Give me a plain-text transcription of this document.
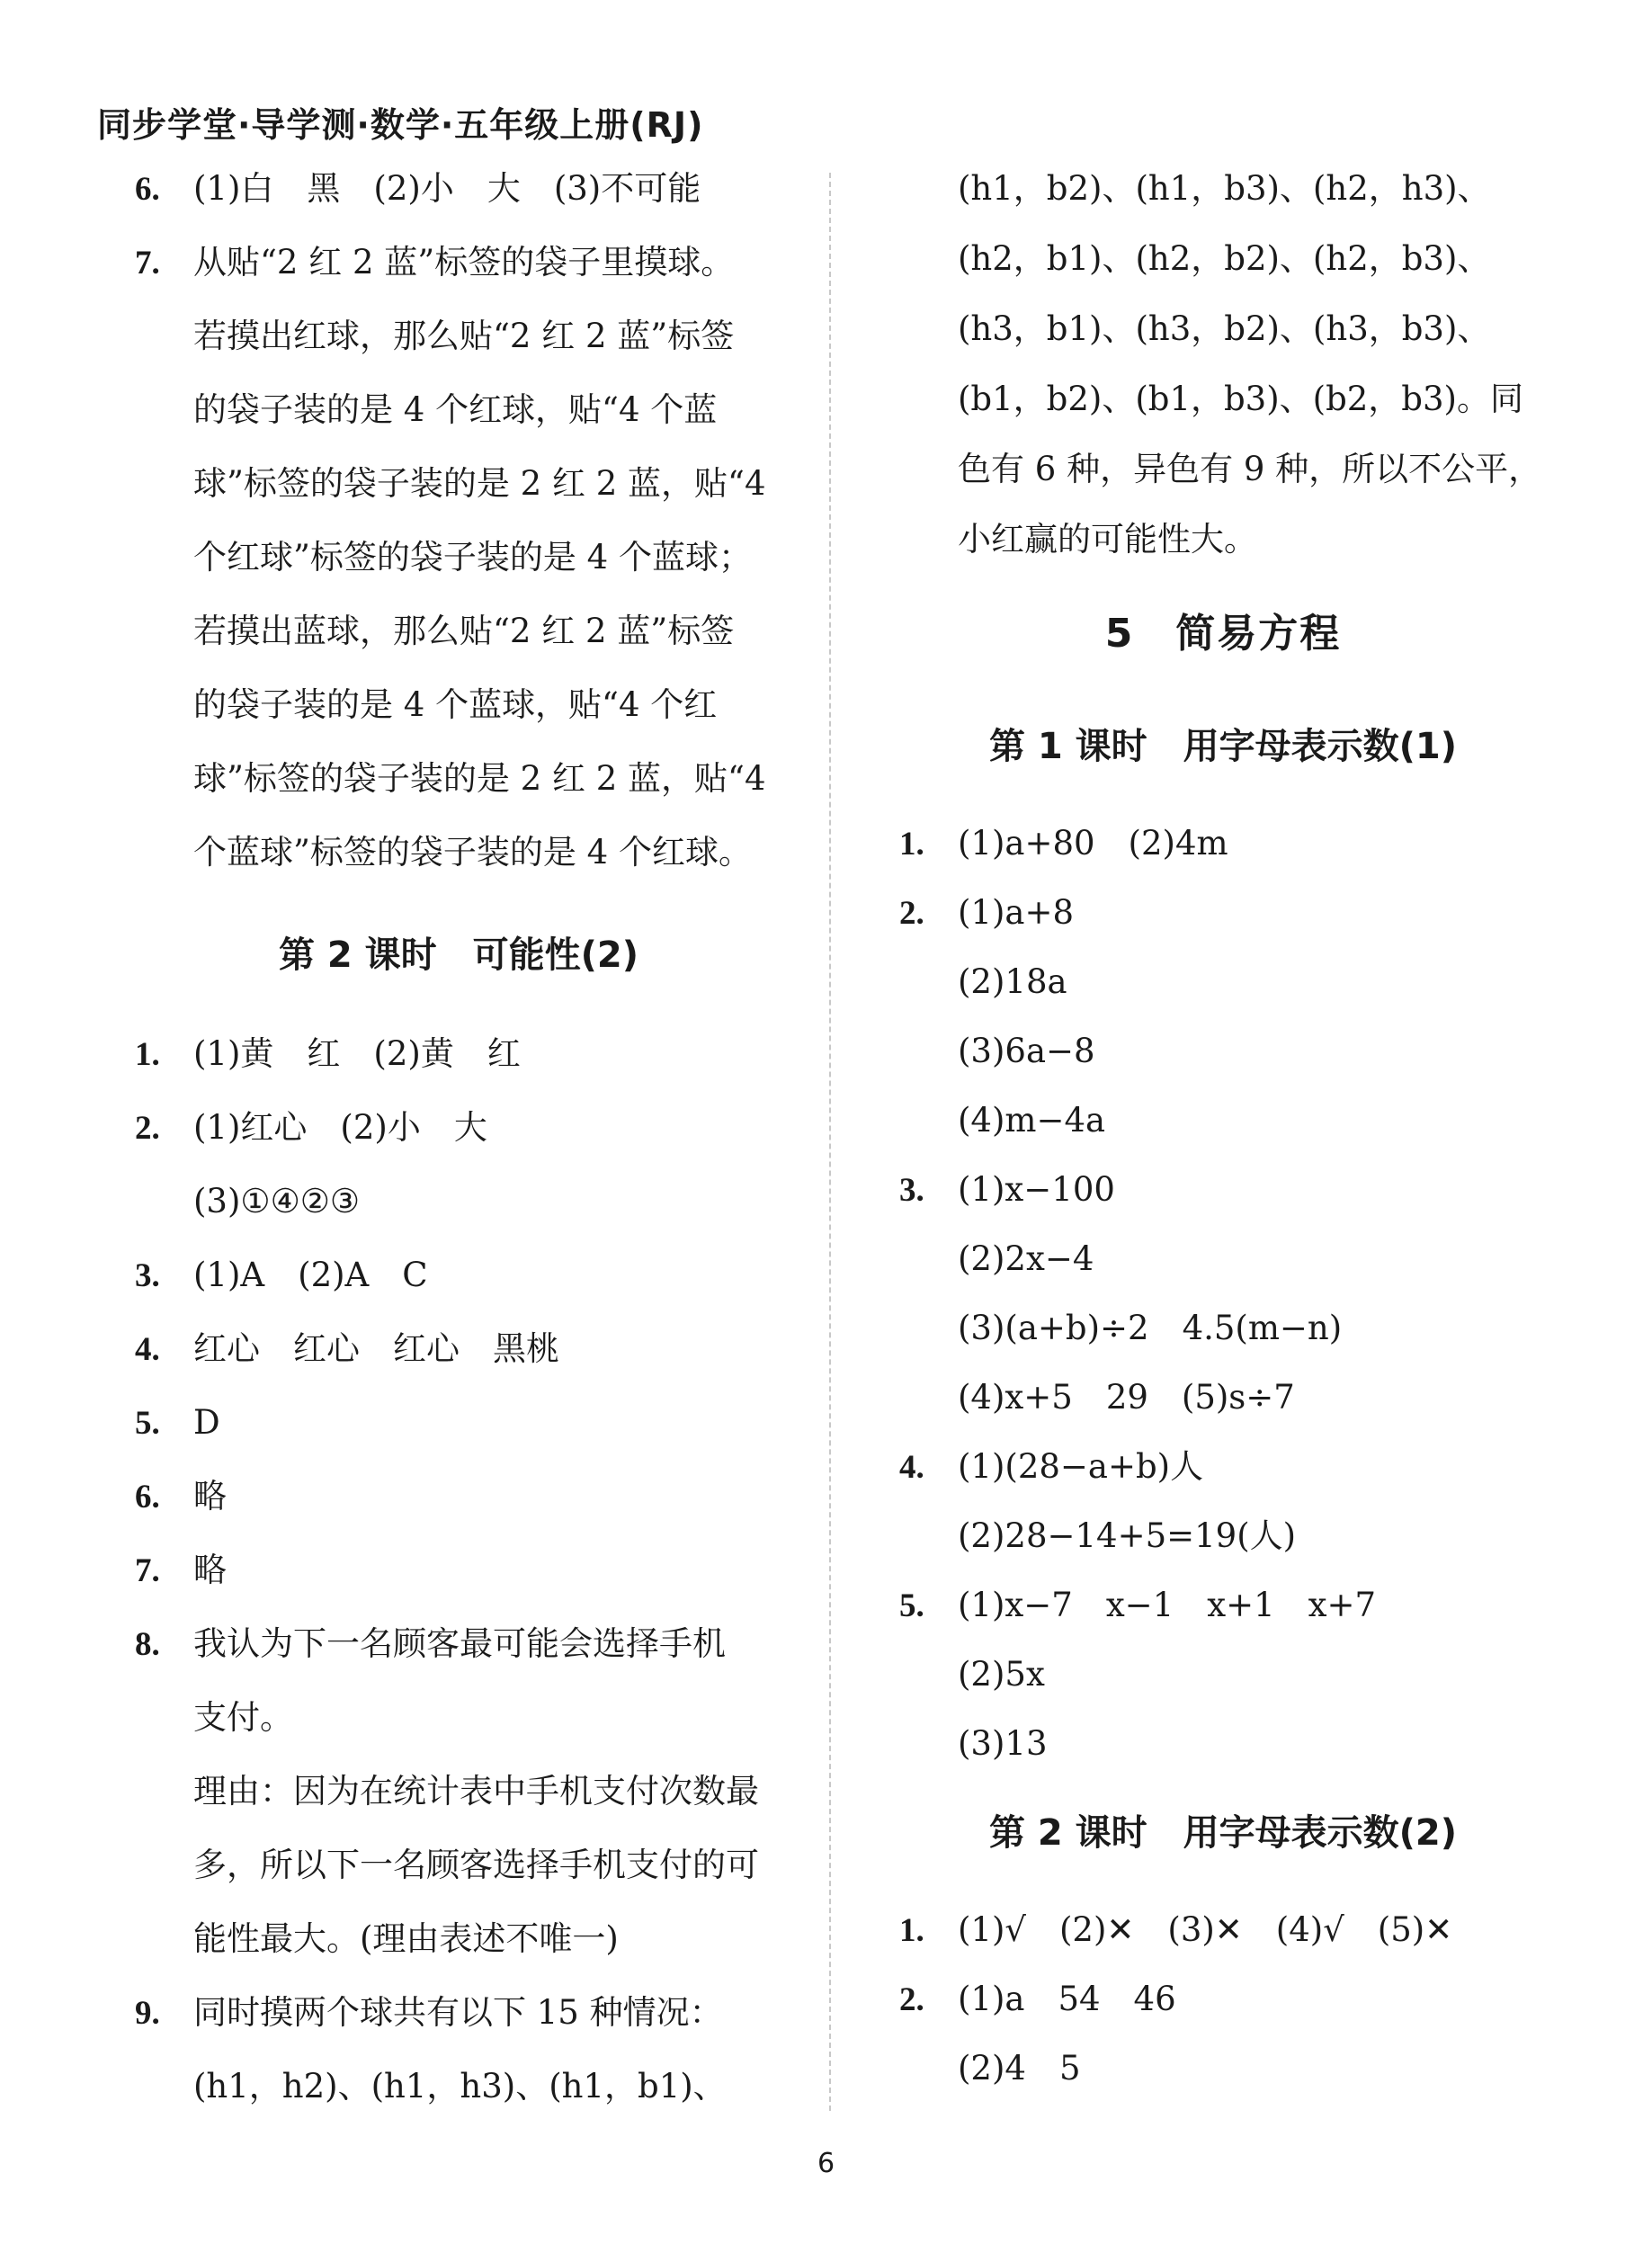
同步学堂·导学测·数学·五年级上册(RJ)
6. (1)白　黑　(2)小　大　(3)不可能
7. 从贴“2 红 2 蓝”标签的袋子里摸球。
若摸出红球，那么贴“2 红 2 蓝”标签
的袋子装的是 4 个红球，贴“4 个蓝
球”标签的袋子装的是 2 红 2 蓝，贴“4
个红球”标签的袋子装的是 4 个蓝球；
若摸出蓝球，那么贴“2 红 2 蓝”标签
的袋子装的是 4 个蓝球，贴“4 个红
球”标签的袋子装的是 2 红 2 蓝，贴“4
个蓝球”标签的袋子装的是 4 个红球。
第 2 课时　可能性(2)
1. (1)黄　红　(2)黄　红
2. (1)红心　(2)小　大
(3)①④②③
3. (1)A　(2)A　C
4. 红心　红心　红心　黑桃
5. D
6. 略
7. 略
8. 我认为下一名顾客最可能会选择手机
支付。
理由：因为在统计表中手机支付次数最
多，所以下一名顾客选择手机支付的可
能性最大。(理由表述不唯一)
9. 同时摸两个球共有以下 15 种情况：
(h1，h2)、(h1，h3)、(h1，b1)、
(h1，b2)、(h1，b3)、(h2，h3)、
(h2，b1)、(h2，b2)、(h2，b3)、
(h3，b1)、(h3，b2)、(h3，b3)、
(b1，b2)、(b1，b3)、(b2，b3)。同
色有 6 种，异色有 9 种，所以不公平，
小红赢的可能性大。
5　简易方程
第 1 课时　用字母表示数(1)
1. (1)a+80　(2)4m
2. (1)a+8
(2)18a
(3)6a−8
(4)m−4a
3. (1)x−100
(2)2x−4
(3)(a+b)÷2　4.5(m−n)
(4)x+5　29　(5)s÷7
4. (1)(28−a+b)人
(2)28−14+5=19(人)
5. (1)x−7　x−1　x+1　x+7
(2)5x
(3)13
第 2 课时　用字母表示数(2)
1. (1)√　(2)✕　(3)✕　(4)√　(5)✕
2. (1)a　54　46
(2)4　5
6
